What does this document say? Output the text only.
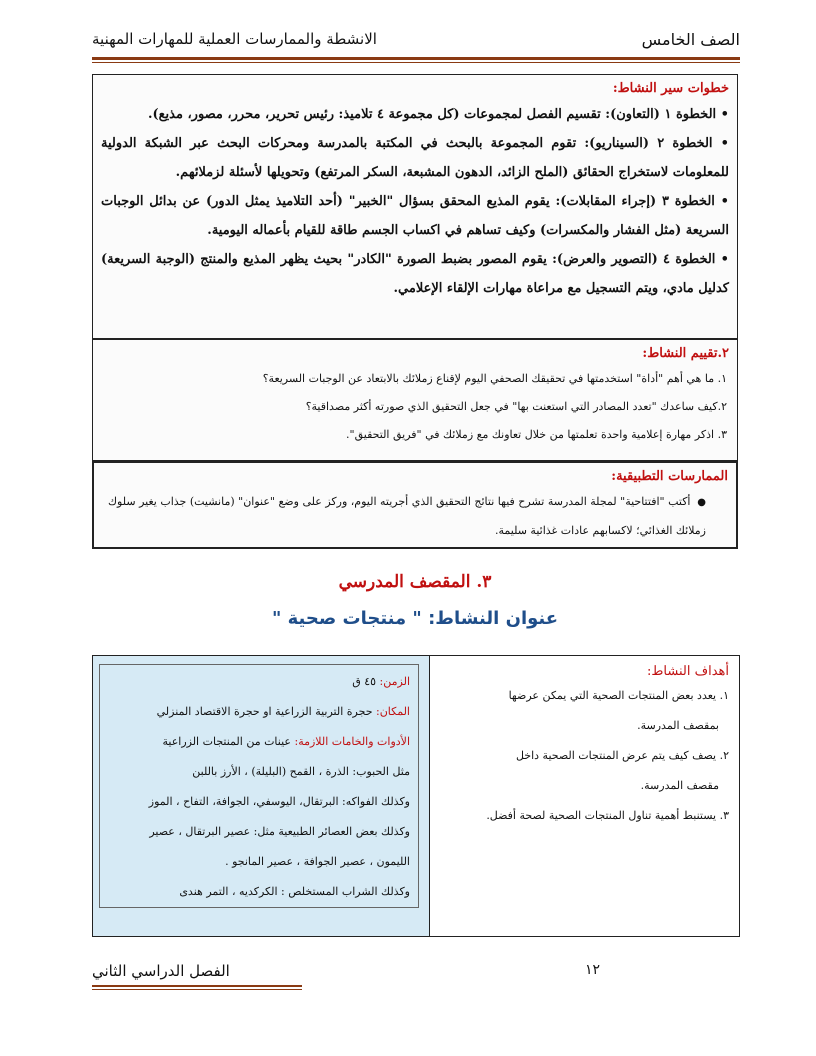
الصف الخامس
الانشطة والممارسات العملية للمهارات المهنية
خطوات سير النشاط:

• الخطوة ١ (التعاون): تقسيم الفصل لمجموعات (كل مجموعة ٤ تلاميذ: رئيس تحرير، محرر، مصور، مذيع).

• الخطوة ٢ (السيناريو): تقوم المجموعة بالبحث في المكتبة بالمدرسة ومحركات البحث عبر الشبكة الدولية للمعلومات لاستخراج الحقائق (الملح الزائد، الدهون المشبعة، السكر المرتفع) وتحويلها لأسئلة لزملائهم.

• الخطوة ٣ (إجراء المقابلات): يقوم المذيع المحقق بسؤال "الخبير" (أحد التلاميذ يمثل الدور) عن بدائل الوجبات السريعة (مثل الفشار والمكسرات) وكيف تساهم في اكساب الجسم طاقة للقيام بأعماله اليومية.

• الخطوة ٤ (التصوير والعرض): يقوم المصور بضبط الصورة "الكادر" بحيث يظهر المذيع والمنتج (الوجبة السريعة) كدليل مادي، ويتم التسجيل مع مراعاة مهارات الإلقاء الإعلامي.

٢.تقييم النشاط:
١. ما هي أهم "أداة" استخدمتها في تحقيقك الصحفي اليوم لإقناع زملائك بالابتعاد عن الوجبات السريعة؟
٢.كيف ساعدك "تعدد المصادر التي استعنت بها" في جعل التحقيق الذي صورته أكثر مصداقية؟
٣. اذكر مهارة إعلامية واحدة تعلمتها من خلال تعاونك مع زملائك في "فريق التحقيق".
الممارسات التطبيقية:
● أكتب "افتتاحية" لمجلة المدرسة تشرح فيها نتائج التحقيق الذي أجريته اليوم، وركز على وضع "عنوان" (مانشيت) جذاب يغير سلوك زملائك الغذائي؛ لاكسابهم عادات غذائية سليمة.
٣. المقصف المدرسي
عنوان النشاط: " منتجات صحية "
أهداف النشاط:
١. يعدد بعض المنتجات الصحية التي يمكن عرضها
بمقصف المدرسة.
٢. يصف كيف يتم عرض المنتجات الصحية داخل
مقصف المدرسة.
٣. يستنبط أهمية تناول المنتجات الصحية لصحة أفضل.
الزمن: ٤٥ ق
المكان: حجرة التربية الزراعية او حجرة الاقتصاد المنزلي
الأدوات والخامات اللازمة: عينات من المنتجات الزراعية
مثل الحبوب: الذرة ، القمح (البليلة) ، الأرز باللبن
وكذلك الفواكه: البرتقال، اليوسفي، الجوافة، التفاح ، الموز
وكذلك بعض العصائر الطبيعية مثل: عصير البرتقال ، عصير
الليمون ، عصير الجوافة ، عصير المانجو .
وكذلك الشراب المستخلص : الكركديه ، التمر هندى
١٢
الفصل الدراسي الثاني
